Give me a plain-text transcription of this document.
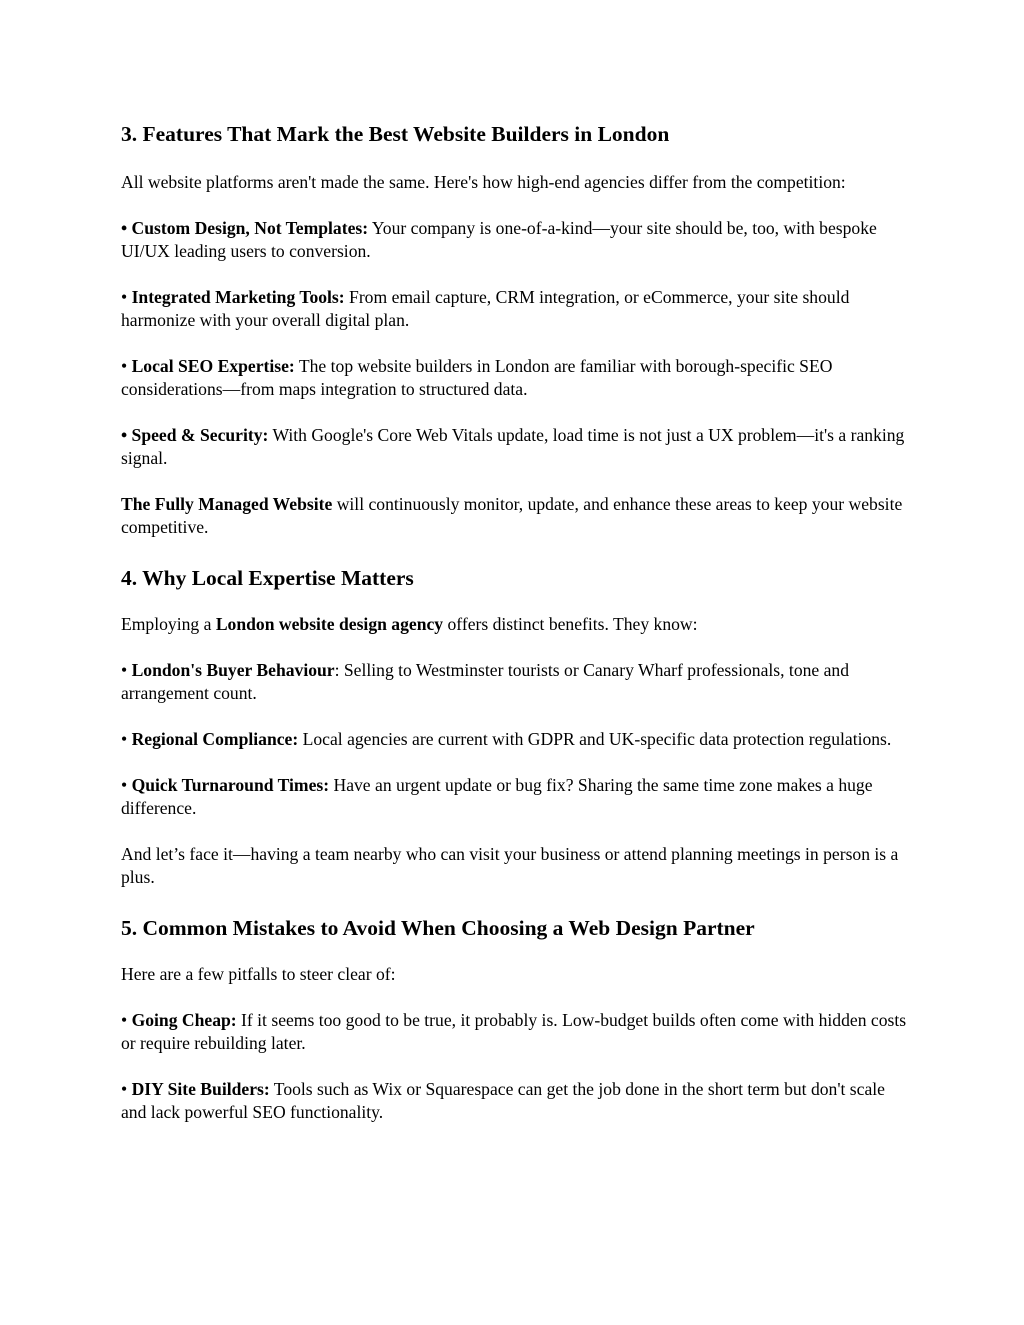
3. Features That Mark the Best Website Builders in London

All website platforms aren't made the same. Here's how high-end agencies differ from the competition:

• Custom Design, Not Templates: Your company is one-of-a-kind—your site should be, too, with bespoke UI/UX leading users to conversion.

• Integrated Marketing Tools: From email capture, CRM integration, or eCommerce, your site should harmonize with your overall digital plan.

• Local SEO Expertise: The top website builders in London are familiar with borough-specific SEO considerations—from maps integration to structured data.

• Speed & Security: With Google's Core Web Vitals update, load time is not just a UX problem—it's a ranking signal.

The Fully Managed Website will continuously monitor, update, and enhance these areas to keep your website competitive.

4. Why Local Expertise Matters

Employing a London website design agency offers distinct benefits. They know:

• London's Buyer Behaviour: Selling to Westminster tourists or Canary Wharf professionals, tone and arrangement count.

• Regional Compliance: Local agencies are current with GDPR and UK-specific data protection regulations.

• Quick Turnaround Times: Have an urgent update or bug fix? Sharing the same time zone makes a huge difference.

And let’s face it—having a team nearby who can visit your business or attend planning meetings in person is a plus.

5. Common Mistakes to Avoid When Choosing a Web Design Partner

Here are a few pitfalls to steer clear of:

• Going Cheap: If it seems too good to be true, it probably is. Low-budget builds often come with hidden costs or require rebuilding later.

• DIY Site Builders: Tools such as Wix or Squarespace can get the job done in the short term but don't scale and lack powerful SEO functionality.
